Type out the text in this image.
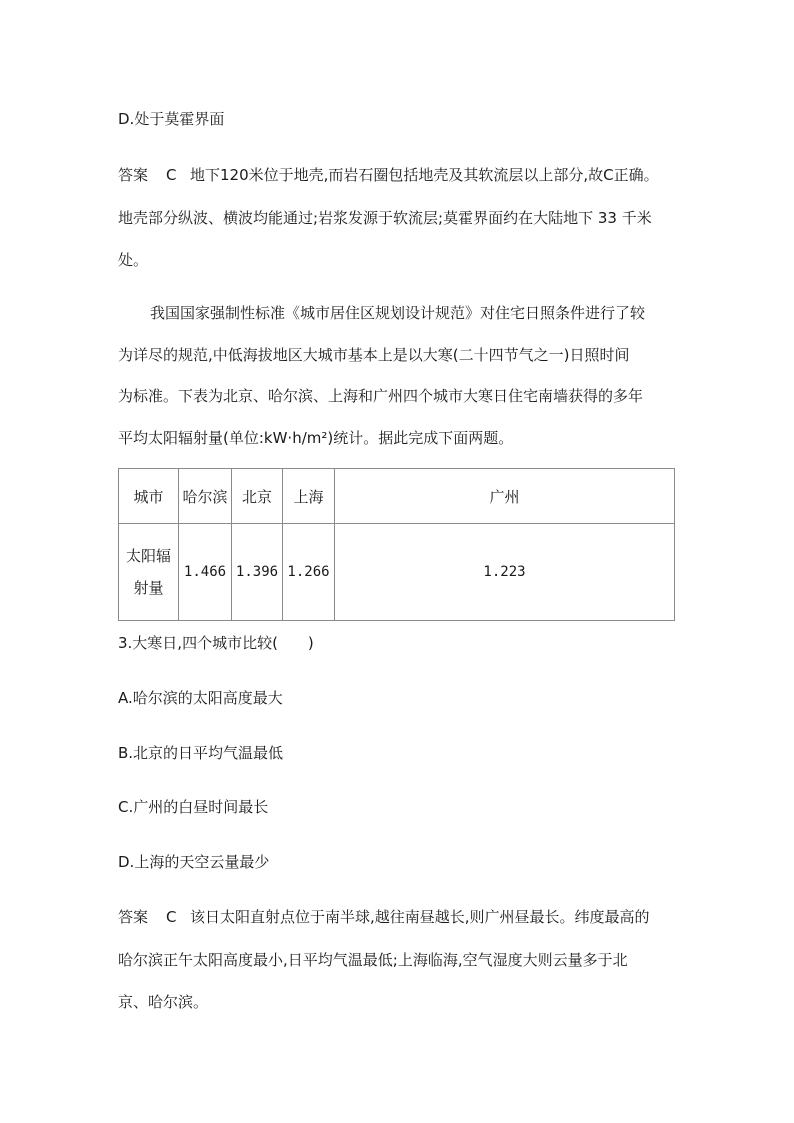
D.处于莫霍界面
答案 C 地下120米位于地壳,而岩石圈包括地壳及其软流层以上部分,故C正确。
地壳部分纵波、横波均能通过;岩浆发源于软流层;莫霍界面约在大陆地下 33 千米
处。
我国国家强制性标准《城市居住区规划设计规范》对住宅日照条件进行了较
为详尽的规范,中低海拔地区大城市基本上是以大寒(二十四节气之一)日照时间
为标准。下表为北京、哈尔滨、上海和广州四个城市大寒日住宅南墙获得的多年
平均太阳辐射量(单位:kW·h/m²)统计。据此完成下面两题。
城市	哈尔滨	北京	上海	广州
太阳辐
射量	1.466	1.396	1.266	1.223
3.大寒日,四个城市比较(　　)
A.哈尔滨的太阳高度最大
B.北京的日平均气温最低
C.广州的白昼时间最长
D.上海的天空云量最少
答案 C 该日太阳直射点位于南半球,越往南昼越长,则广州昼最长。纬度最高的
哈尔滨正午太阳高度最小,日平均气温最低;上海临海,空气湿度大则云量多于北
京、哈尔滨。
